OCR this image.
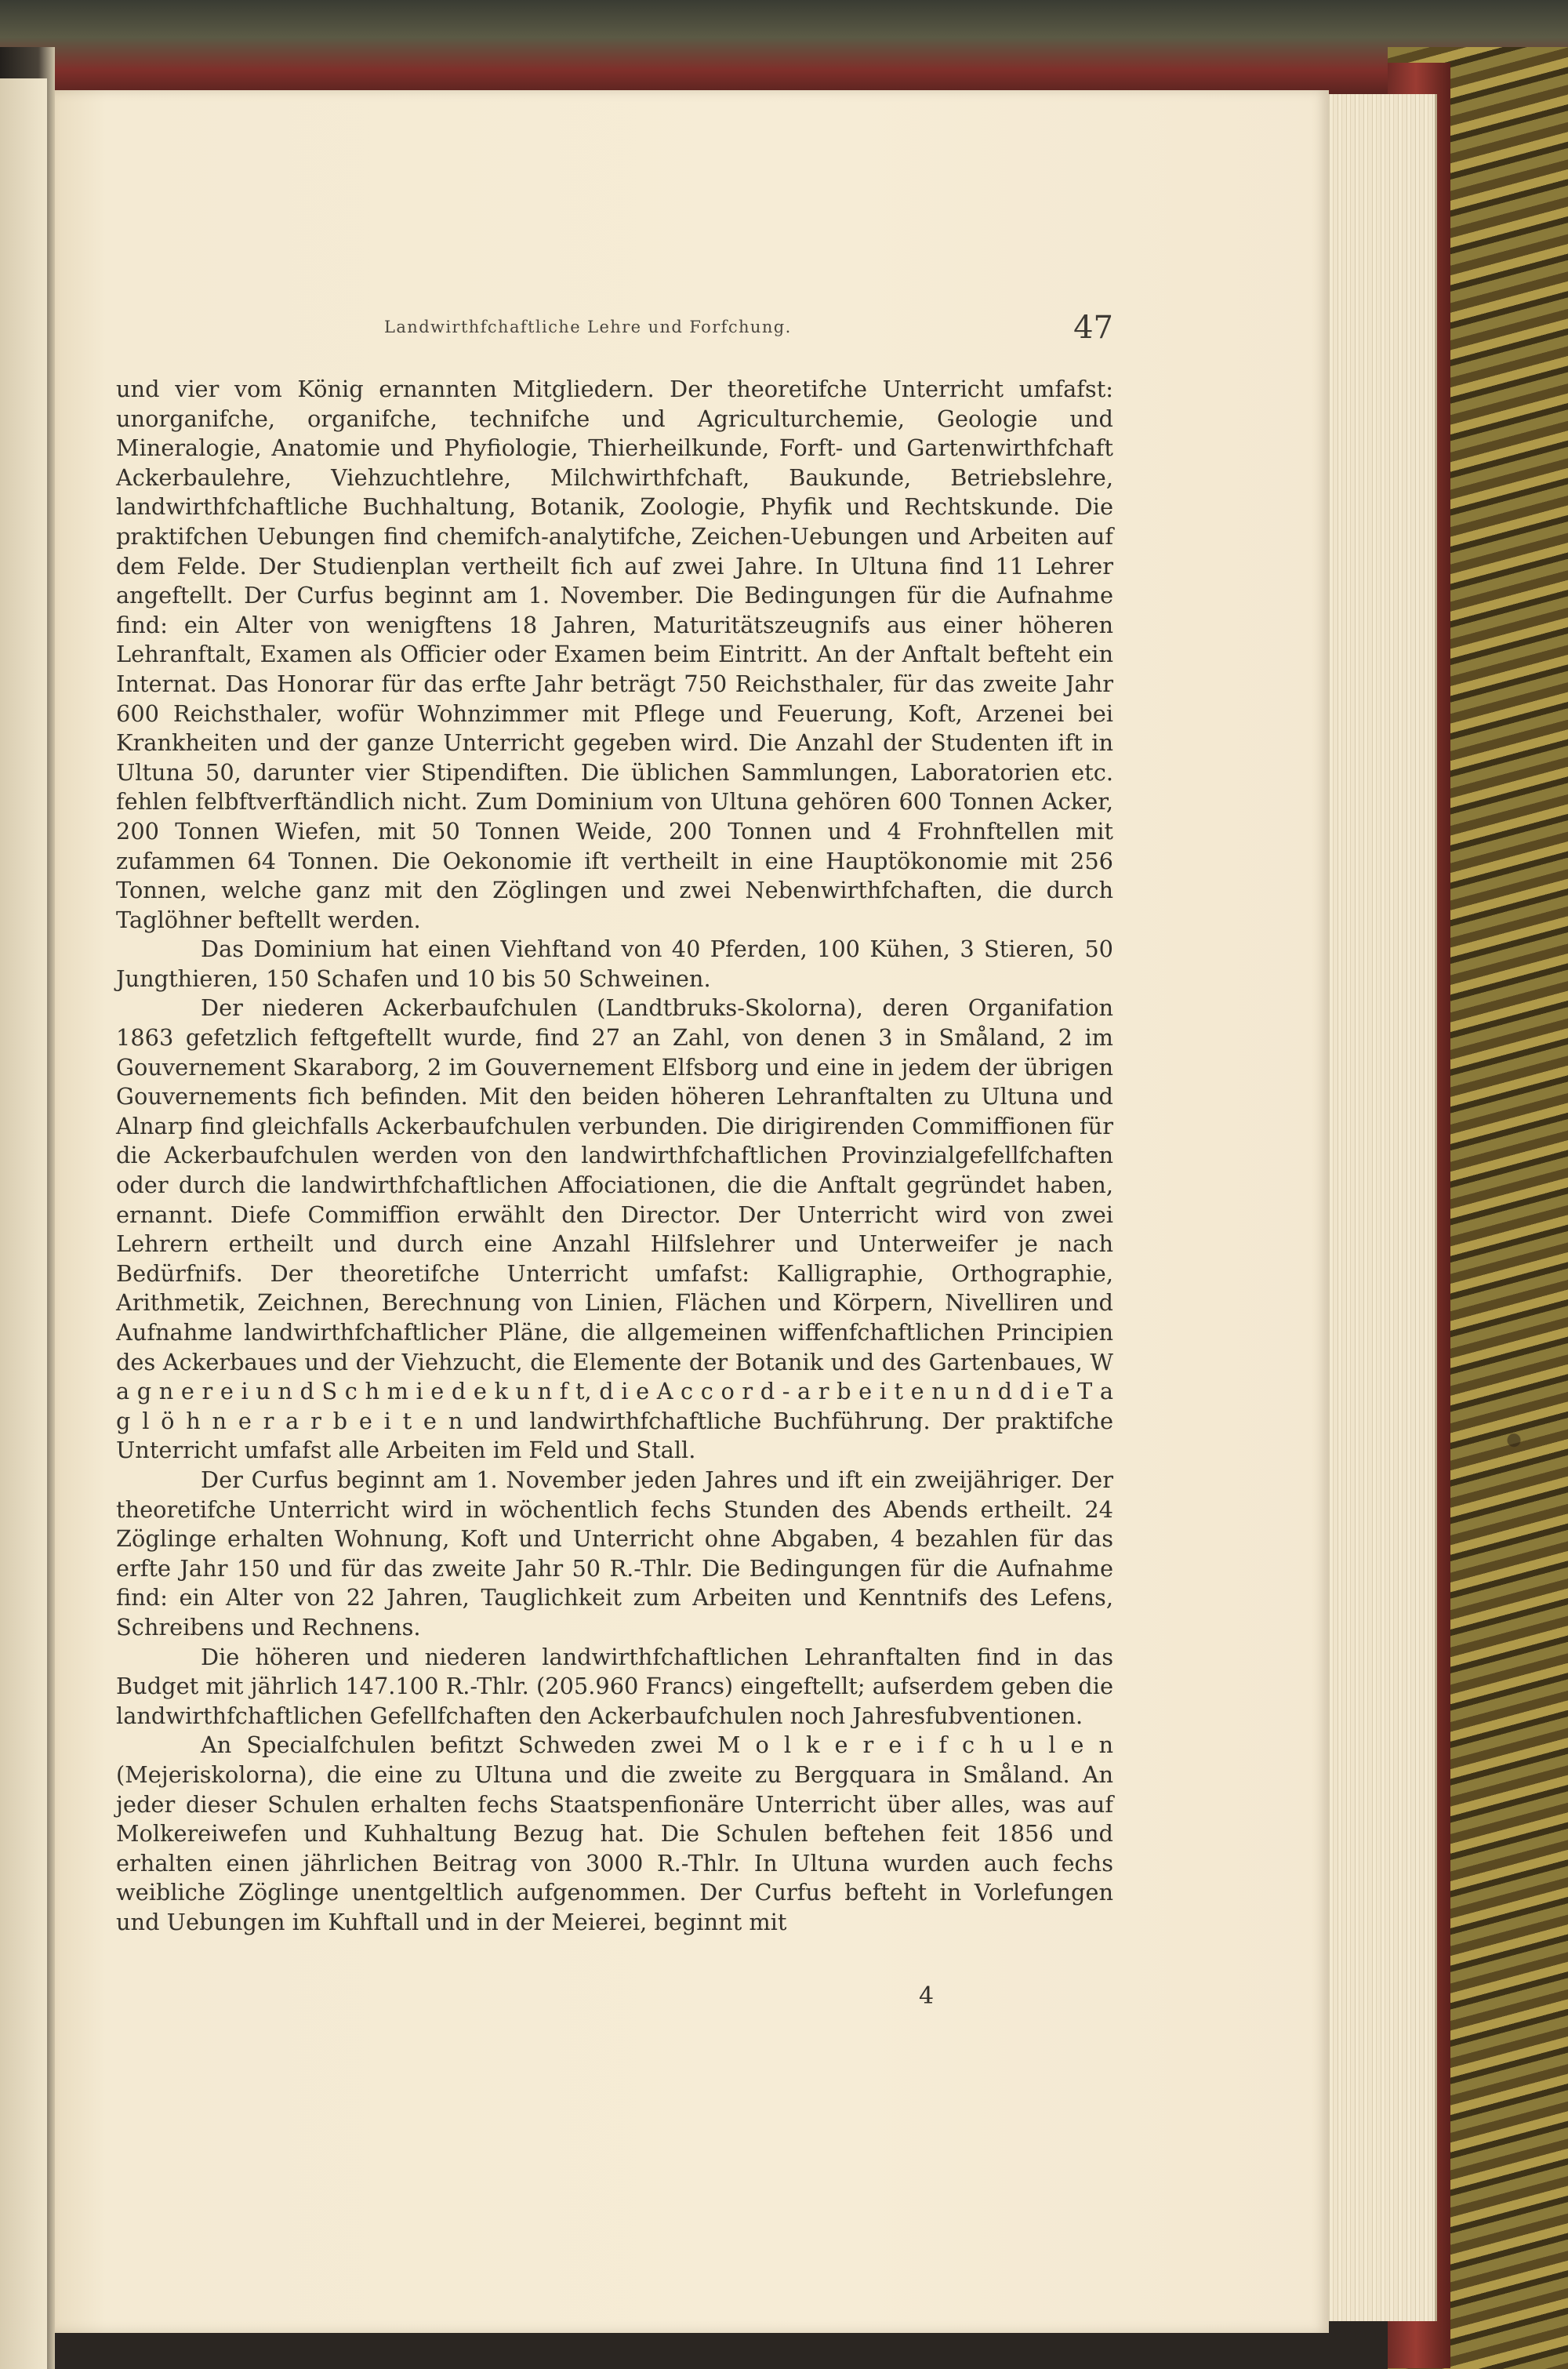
Landwirthfchaftliche Lehre und Forfchung.	47

und vier vom König ernannten Mitgliedern. Der theoretifche Unterricht umfafst: unorganifche, organifche, technifche und Agriculturchemie, Geologie und Mineralogie, Anatomie und Phyfiologie, Thierheilkunde, Forft- und Gartenwirthfchaft Ackerbaulehre, Viehzuchtlehre, Milchwirthfchaft, Baukunde, Betriebslehre, landwirthfchaftliche Buchhaltung, Botanik, Zoologie, Phyfik und Rechtskunde. Die praktifchen Uebungen find chemifch-analytifche, Zeichen-Uebungen und Arbeiten auf dem Felde. Der Studienplan vertheilt fich auf zwei Jahre. In Ultuna find 11 Lehrer angeftellt. Der Curfus beginnt am 1. November. Die Bedingungen für die Aufnahme find: ein Alter von wenigftens 18 Jahren, Maturitätszeugnifs aus einer höheren Lehranftalt, Examen als Officier oder Examen beim Eintritt. An der Anftalt befteht ein Internat. Das Honorar für das erfte Jahr beträgt 750 Reichsthaler, für das zweite Jahr 600 Reichsthaler, wofür Wohnzimmer mit Pflege und Feuerung, Koft, Arzenei bei Krankheiten und der ganze Unterricht gegeben wird. Die Anzahl der Studenten ift in Ultuna 50, darunter vier Stipendiften. Die üblichen Sammlungen, Laboratorien etc. fehlen felbftverftändlich nicht. Zum Dominium von Ultuna gehören 600 Tonnen Acker, 200 Tonnen Wiefen, mit 50 Tonnen Weide, 200 Tonnen und 4 Frohnftellen mit zufammen 64 Tonnen. Die Oekonomie ift vertheilt in eine Hauptökonomie mit 256 Tonnen, welche ganz mit den Zöglingen und zwei Nebenwirthfchaften, die durch Taglöhner beftellt werden.

Das Dominium hat einen Viehftand von 40 Pferden, 100 Kühen, 3 Stieren, 50 Jungthieren, 150 Schafen und 10 bis 50 Schweinen.

Der niederen Ackerbaufchulen (Landtbruks-Skolorna), deren Organifation 1863 gefetzlich feftgeftellt wurde, find 27 an Zahl, von denen 3 in Småland, 2 im Gouvernement Skaraborg, 2 im Gouvernement Elfsborg und eine in jedem der übrigen Gouvernements fich befinden. Mit den beiden höheren Lehranftalten zu Ultuna und Alnarp find gleichfalls Ackerbaufchulen verbunden. Die dirigirenden Commiffionen für die Ackerbaufchulen werden von den landwirthfchaftlichen Provinzialgefellfchaften oder durch die landwirthfchaftlichen Affociationen, die die Anftalt gegründet haben, ernannt. Diefe Commiffion erwählt den Director. Der Unterricht wird von zwei Lehrern ertheilt und durch eine Anzahl Hilfslehrer und Unterweifer je nach Bedürfnifs. Der theoretifche Unterricht umfafst: Kalligraphie, Orthographie, Arithmetik, Zeichnen, Berechnung von Linien, Flächen und Körpern, Nivelliren und Aufnahme landwirthfchaftlicher Pläne, die allgemeinen wiffenfchaftlichen Principien des Ackerbaues und der Viehzucht, die Elemente der Botanik und des Gartenbaues, W a g n e r e i u n d S c h m i e d e k u n f t, d i e A c c o r d - a r b e i t e n u n d d i e T a g l ö h n e r a r b e i t e n und landwirthfchaftliche Buchführung. Der praktifche Unterricht umfafst alle Arbeiten im Feld und Stall.

Der Curfus beginnt am 1. November jeden Jahres und ift ein zweijähriger. Der theoretifche Unterricht wird in wöchentlich fechs Stunden des Abends ertheilt. 24 Zöglinge erhalten Wohnung, Koft und Unterricht ohne Abgaben, 4 bezahlen für das erfte Jahr 150 und für das zweite Jahr 50 R.-Thlr. Die Bedingungen für die Aufnahme find: ein Alter von 22 Jahren, Tauglichkeit zum Arbeiten und Kenntnifs des Lefens, Schreibens und Rechnens.

Die höheren und niederen landwirthfchaftlichen Lehranftalten find in das Budget mit jährlich 147.100 R.-Thlr. (205.960 Francs) eingeftellt; aufserdem geben die landwirthfchaftlichen Gefellfchaften den Ackerbaufchulen noch Jahresfubventionen.

An Specialfchulen befitzt Schweden zwei M o l k e r e i f c h u l e n (Mejeriskolorna), die eine zu Ultuna und die zweite zu Bergquara in Småland. An jeder dieser Schulen erhalten fechs Staatspenfionäre Unterricht über alles, was auf Molkereiwefen und Kuhhaltung Bezug hat. Die Schulen beftehen feit 1856 und erhalten einen jährlichen Beitrag von 3000 R.-Thlr. In Ultuna wurden auch fechs weibliche Zöglinge unentgeltlich aufgenommen. Der Curfus befteht in Vorlefungen und Uebungen im Kuhftall und in der Meierei, beginnt mit

4
